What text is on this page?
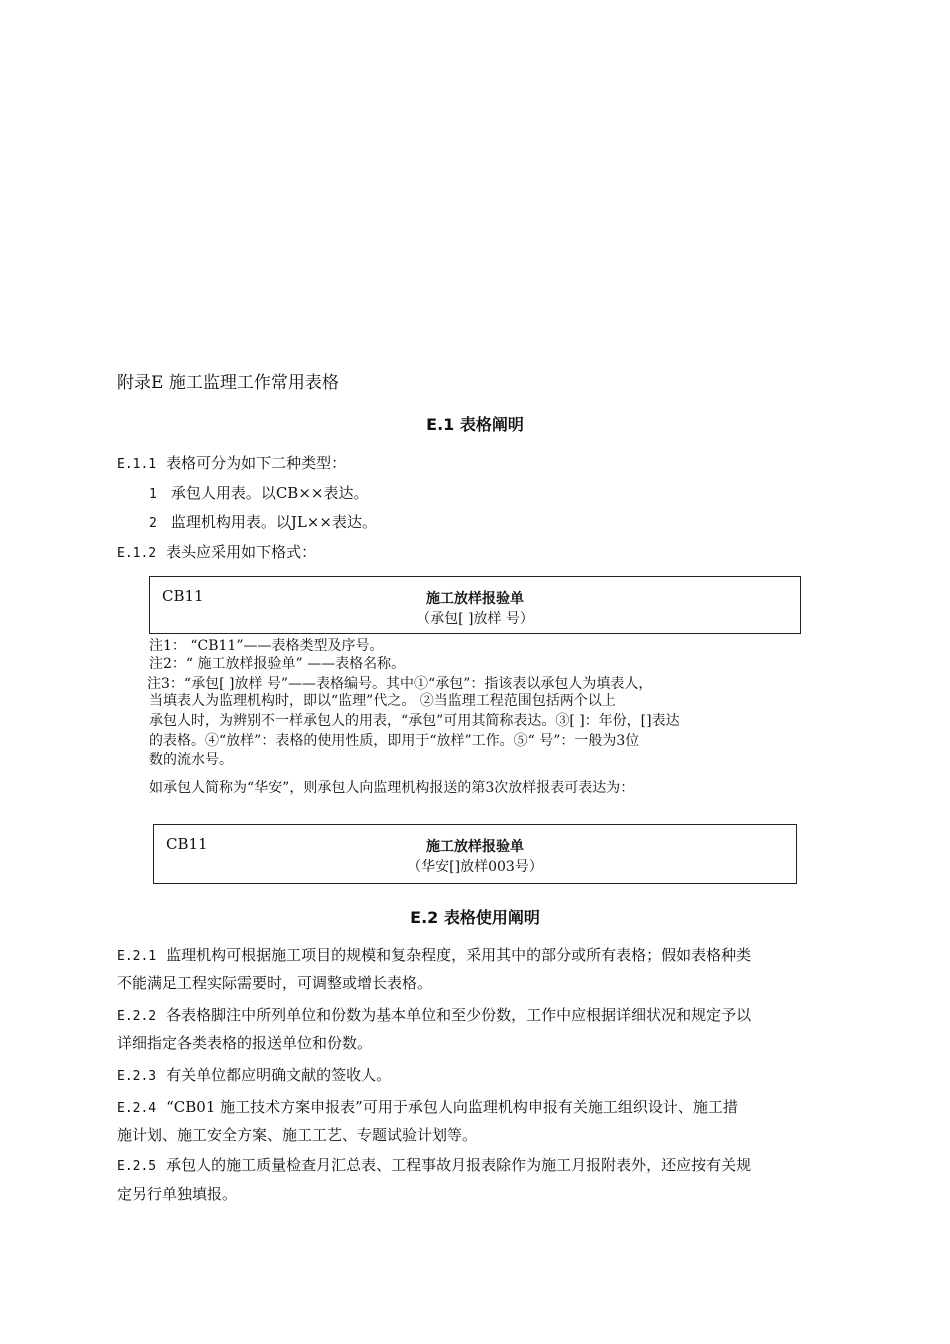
附录E 施工监理工作常用表格
E.1 表格阐明
E.1.1 表格可分为如下二种类型：
1 承包人用表。以CB××表达。
2 监理机构用表。以JL××表达。
E.1.2 表头应采用如下格式：
CB11	施工放样报验单
（承包[ ]放样 号）
注1： “CB11”——表格类型及序号。
注2：“ 施工放样报验单” ——表格名称。
注3：“承包[ ]放样 号”——表格编号。其中①“承包”：指该表以承包人为填表人，
当填表人为监理机构时，即以“监理”代之。 ②当监理工程范围包括两个以上
承包人时，为辨别不一样承包人的用表，“承包”可用其简称表达。③[ ]：年份，[]表达
的表格。④“放样”：表格的使用性质，即用于“放样”工作。⑤“ 号”：一般为3位
数的流水号。
如承包人简称为“华安”，则承包人向监理机构报送的第3次放样报表可表达为：
CB11	施工放样报验单
（华安[]放样003号）
E.2 表格使用阐明
E.2.1 监理机构可根据施工项目的规模和复杂程度，采用其中的部分或所有表格；假如表格种类
不能满足工程实际需要时，可调整或增长表格。
E.2.2 各表格脚注中所列单位和份数为基本单位和至少份数，工作中应根据详细状况和规定予以
详细指定各类表格的报送单位和份数。
E.2.3 有关单位都应明确文献的签收人。
E.2.4 “CB01 施工技术方案申报表”可用于承包人向监理机构申报有关施工组织设计、施工措
施计划、施工安全方案、施工工艺、专题试验计划等。
E.2.5 承包人的施工质量检查月汇总表、工程事故月报表除作为施工月报附表外，还应按有关规
定另行单独填报。
